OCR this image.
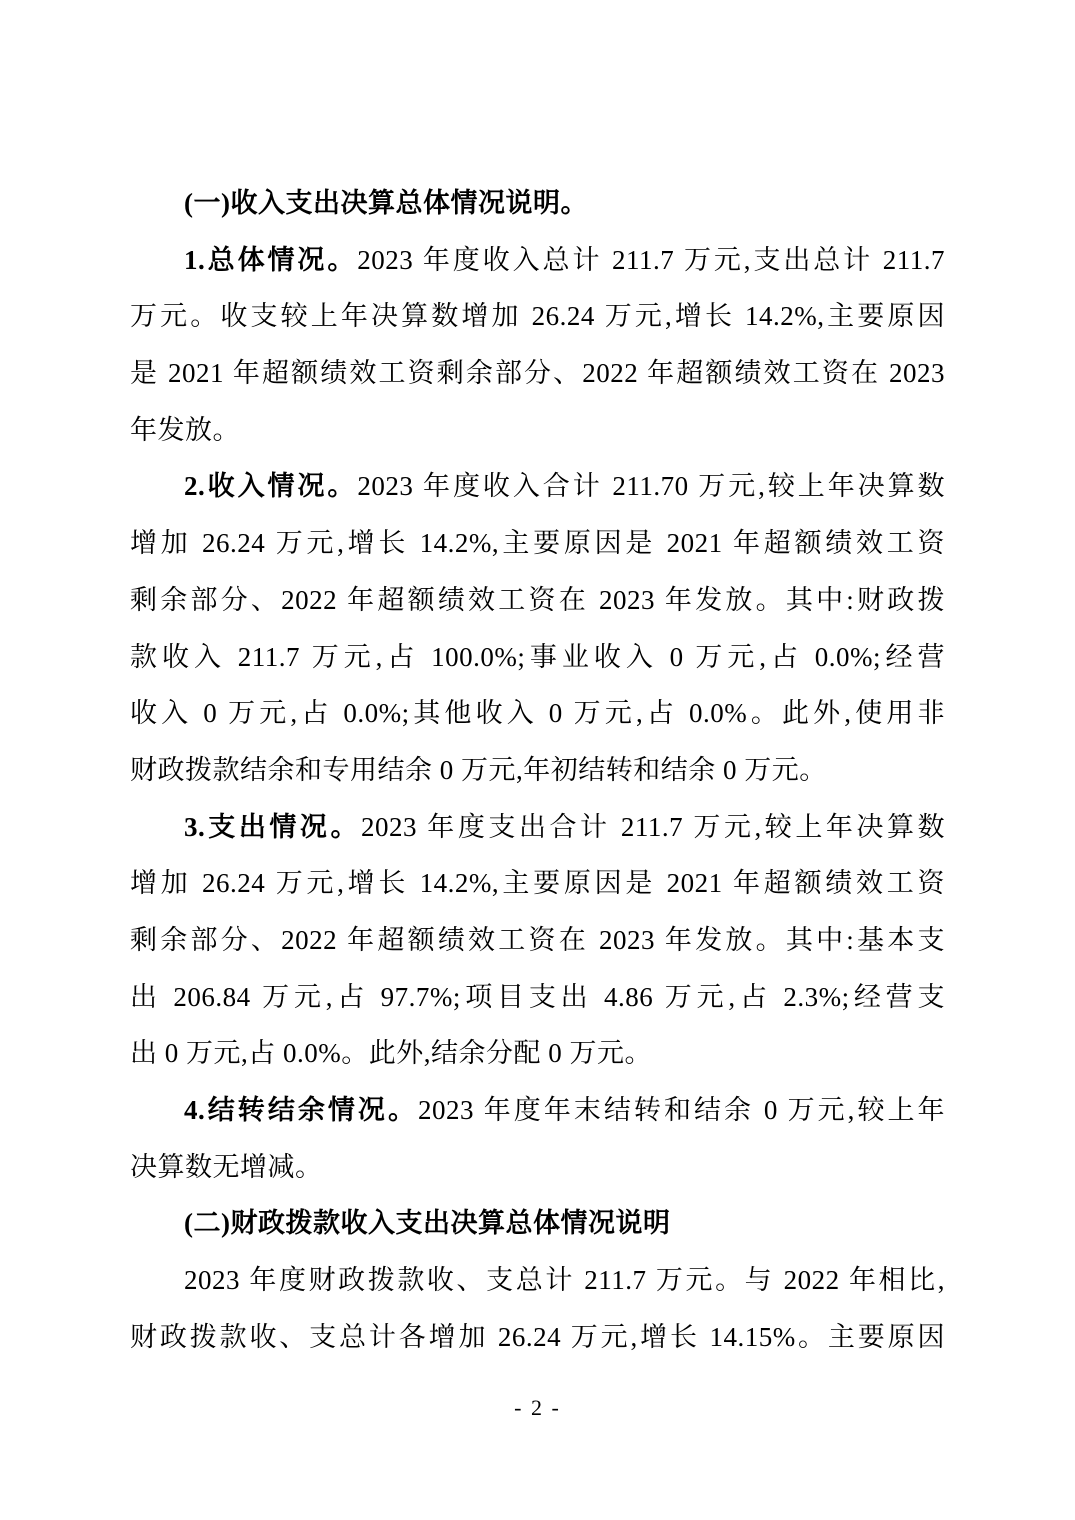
(一)收入支出决算总体情况说明。
1.总体情况。2023 年度收入总计 211.7 万元,支出总计 211.7
万元。收支较上年决算数增加 26.24 万元,增长 14.2%,主要原因
是 2021 年超额绩效工资剩余部分、2022 年超额绩效工资在 2023
年发放。
2.收入情况。2023 年度收入合计 211.70 万元,较上年决算数
增加 26.24 万元,增长 14.2%,主要原因是 2021 年超额绩效工资
剩余部分、2022 年超额绩效工资在 2023 年发放。其中:财政拨
款收入 211.7 万元,占 100.0%;事业收入 0 万元,占 0.0%;经营
收入 0 万元,占 0.0%;其他收入 0 万元,占 0.0%。此外,使用非
财政拨款结余和专用结余 0 万元,年初结转和结余 0 万元。
3.支出情况。2023 年度支出合计 211.7 万元,较上年决算数
增加 26.24 万元,增长 14.2%,主要原因是 2021 年超额绩效工资
剩余部分、2022 年超额绩效工资在 2023 年发放。其中:基本支
出 206.84 万元,占 97.7%;项目支出 4.86 万元,占 2.3%;经营支
出 0 万元,占 0.0%。此外,结余分配 0 万元。
4.结转结余情况。2023 年度年末结转和结余 0 万元,较上年
决算数无增减。
(二)财政拨款收入支出决算总体情况说明
2023 年度财政拨款收、支总计 211.7 万元。与 2022 年相比,
财政拨款收、支总计各增加 26.24 万元,增长 14.15%。主要原因
- 2 -
